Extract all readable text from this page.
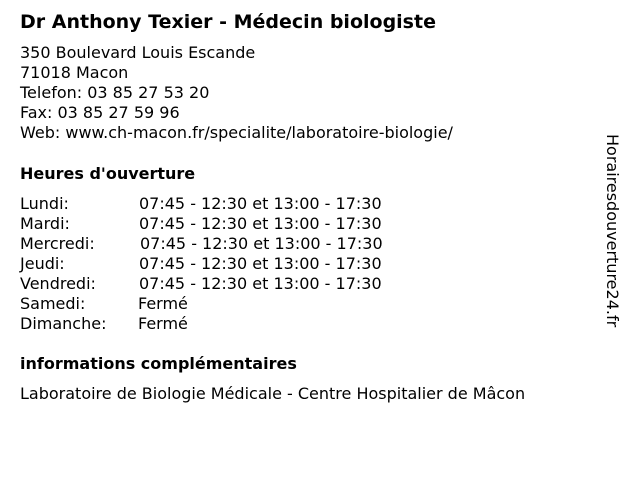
Dr Anthony Texier - Médecin biologiste
350 Boulevard Louis Escande
71018 Macon
Telefon: 03 85 27 53 20
Fax: 03 85 27 59 96
Web: www.ch-macon.fr/specialite/laboratoire-biologie/
Heures d'ouverture
Lundi:	07:45 - 12:30 et 13:00 - 17:30
Mardi:	07:45 - 12:30 et 13:00 - 17:30
Mercredi:	07:45 - 12:30 et 13:00 - 17:30
Jeudi:	07:45 - 12:30 et 13:00 - 17:30
Vendredi:	07:45 - 12:30 et 13:00 - 17:30
Samedi:	Fermé
Dimanche: Fermé
informations complémentaires
Laboratoire de Biologie Médicale - Centre Hospitalier de Mâcon
Horairesdouverture24.fr
